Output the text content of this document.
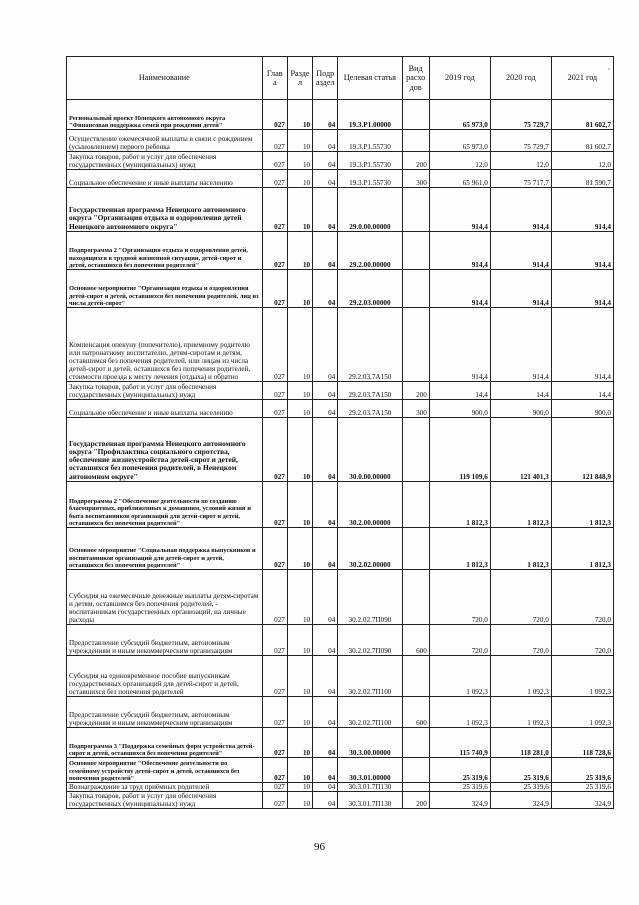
Наименование	Глав а	Разде л	Подр аздел	Целевая статья	Вид расхо дов	2019 год	2020 год	2021 год
Региональный проект Ненецкого автономного округа "Финансовая поддержка семей при рождении детей"	027	10	04	19.3.P1.00000		65 973,0	75 729,7	81 602,7
Осуществление ежемесячной выплаты в связи с рождением (усыновлением) первого ребенка	027	10	04	19.3.P1.55730		65 973,0	75 729,7	81 602,7
Закупка товаров, работ и услуг для обеспечения государственных (муниципальных) нужд	027	10	04	19.3.P1.55730	200	12,0	12,0	12,0
Социальное обеспечение и иные выплаты населению	027	10	04	19.3.P1.55730	300	65 961,0	75 717,7	81 590,7
Государственная программа Ненецкого автономного округа "Организация отдыха и оздоровления детей Ненецкого автономного округа"	027	10	04	29.0.00.00000		914,4	914,4	914,4
Подпрограмма 2 "Организация отдыха и оздоровления детей, находящихся в трудной жизненной ситуации, детей-сирот и детей, оставшихся без попечения родителей"	027	10	04	29.2.00.00000		914,4	914,4	914,4
Основное мероприятие "Организация отдыха и оздоровления детей-сирот и детей, оставшихся без попечения родителей, лиц из числа детей-сирот"	027	10	04	29.2.03.00000		914,4	914,4	914,4
Компенсация опекуну (попечителю), приемному родителю или патронатному воспитателю, детям-сиротам и детям, оставшимся без попечения родителей, или лицам из числа детей-сирот и детей, оставшихся без попечения родителей, стоимости проезда к месту лечения (отдыха) и обратно	027	10	04	29.2.03.7А150		914,4	914,4	914,4
Закупка товаров, работ и услуг для обеспечения государственных (муниципальных) нужд	027	10	04	29.2.03.7А150	200	14,4	14,4	14,4
Социальное обеспечение и иные выплаты населению	027	10	04	29.2.03.7А150	300	900,0	900,0	900,0
Государственная программа Ненецкого автономного округа "Профилактика социального сиротства, обеспечение жизнеустройства детей-сирот и детей, оставшихся без попечения родителей, в Ненецком автономном округе"	027	10	04	30.0.00.00000		119 109,6	121 401,3	121 848,9
Подпрограмма 2 "Обеспечение деятельности по созданию благоприятных, приближенных к домашним, условий жизни и быта воспитанников организаций для детей-сирот и детей, оставшихся без попечения родителей"	027	10	04	30.2.00.00000		1 812,3	1 812,3	1 812,3
Основное мероприятие "Социальная поддержка выпускников и воспитанников организаций для детей-сирот и детей, оставшихся без попечения родителей"	027	10	04	30.2.02.00000		1 812,3	1 812,3	1 812,3
Субсидия на ежемесячные денежные выплаты детям-сиротам и детям, оставшимся без попечения родителей, - воспитанникам государственных организаций, на личные расходы	027	10	04	30.2.02.7П090		720,0	720,0	720,0
Предоставление субсидий бюджетным, автономным учреждениям и иным некоммерческим организациям	027	10	04	30.2.02.7П090	600	720,0	720,0	720,0
Субсидия на единовременное пособие выпускникам государственных организаций для детей-сирот и детей, оставшихся без попечения родителей	027	10	04	30.2.02.7П100		1 092,3	1 092,3	1 092,3
Предоставление субсидий бюджетным, автономным учреждениям и иным некоммерческим организациям	027	10	04	30.2.02.7П100	600	1 092,3	1 092,3	1 092,3
Подпрограмма 3 "Поддержка семейных форм устройства детей-сирот и детей, оставшихся без попечения родителей"	027	10	04	30.3.00.00000		115 740,9	118 281,0	118 728,6
Основное мероприятие "Обеспечение деятельности по семейному устройству детей-сирот и детей, оставшихся без попечения родителей"	027	10	04	30.3.01.00000		25 319,6	25 319,6	25 319,6
Вознаграждение за труд приёмных родителей	027	10	04	30.3.01.7П130		25 319,6	25 319,6	25 319,6
Закупка товаров, работ и услуг для обеспечения государственных (муниципальных) нужд	027	10	04	30.3.01.7П130	200	324,9	324,9	324,9
96
